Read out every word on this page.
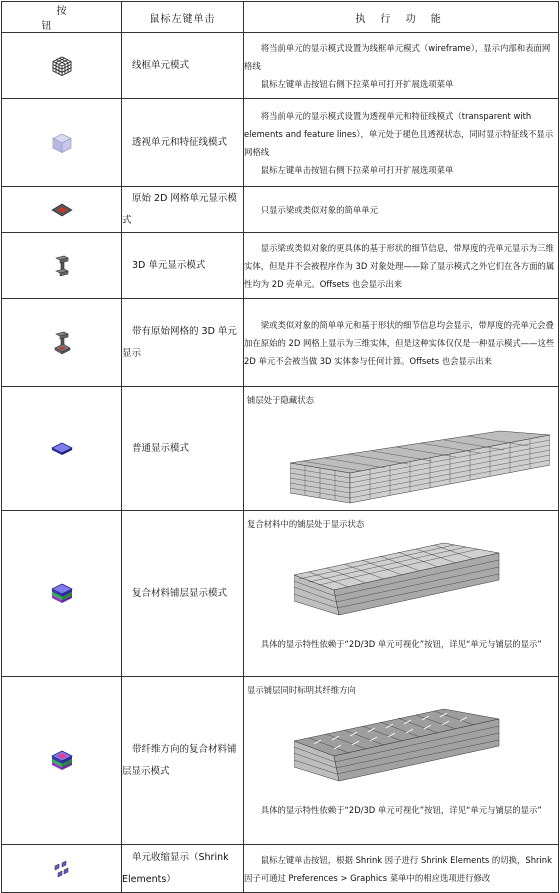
按　　钮	鼠标左键单击	执 行 功 能

	线框单元模式	将当前单元的显示模式设置为线框单元模式（wireframe），显示内部和表面网格线
鼠标左键单击按钮右侧下拉菜单可打开扩展选项菜单

	透视单元和特征线模式	将当前单元的显示模式设置为透视单元和特征线模式（transparent with elements and feature lines），单元处于褪色且透视状态，同时显示特征线不显示网格线
鼠标左键单击按钮右侧下拉菜单可打开扩展选项菜单

	原始 2D 网格单元显示模式	只显示梁或类似对象的简单单元

	3D 单元显示模式	显示梁或类似对象的更具体的基于形状的细节信息，带厚度的壳单元显示为三维实体，但是并不会被程序作为 3D 对象处理——除了显示模式之外它们在各方面的属性均为 2D 壳单元。Offsets 也会显示出来

	带有原始网格的 3D 单元显示	梁或类似对象的简单单元和基于形状的细节信息均会显示，带厚度的壳单元会叠加在原始的 2D 网格上显示为三维实体，但是这种实体仅仅是一种显示模式——这些 2D 单元不会被当做 3D 实体参与任何计算。Offsets 也会显示出来

	普通显示模式	铺层处于隐藏状态

	复合材料铺层显示模式	复合材料中的铺层处于显示状态
具体的显示特性依赖于“2D/3D 单元可视化”按钮，详见“单元与铺层的显示”

	带纤维方向的复合材料铺层显示模式	显示铺层同时标明其纤维方向
具体的显示特性依赖于“2D/3D 单元可视化”按钮，详见“单元与铺层的显示”

	单元收缩显示（Shrink Elements）	鼠标左键单击按钮，根据 Shrink 因子进行 Shrink Elements 的切换，Shrink 因子可通过 Preferences > Graphics 菜单中的相应选项进行修改
